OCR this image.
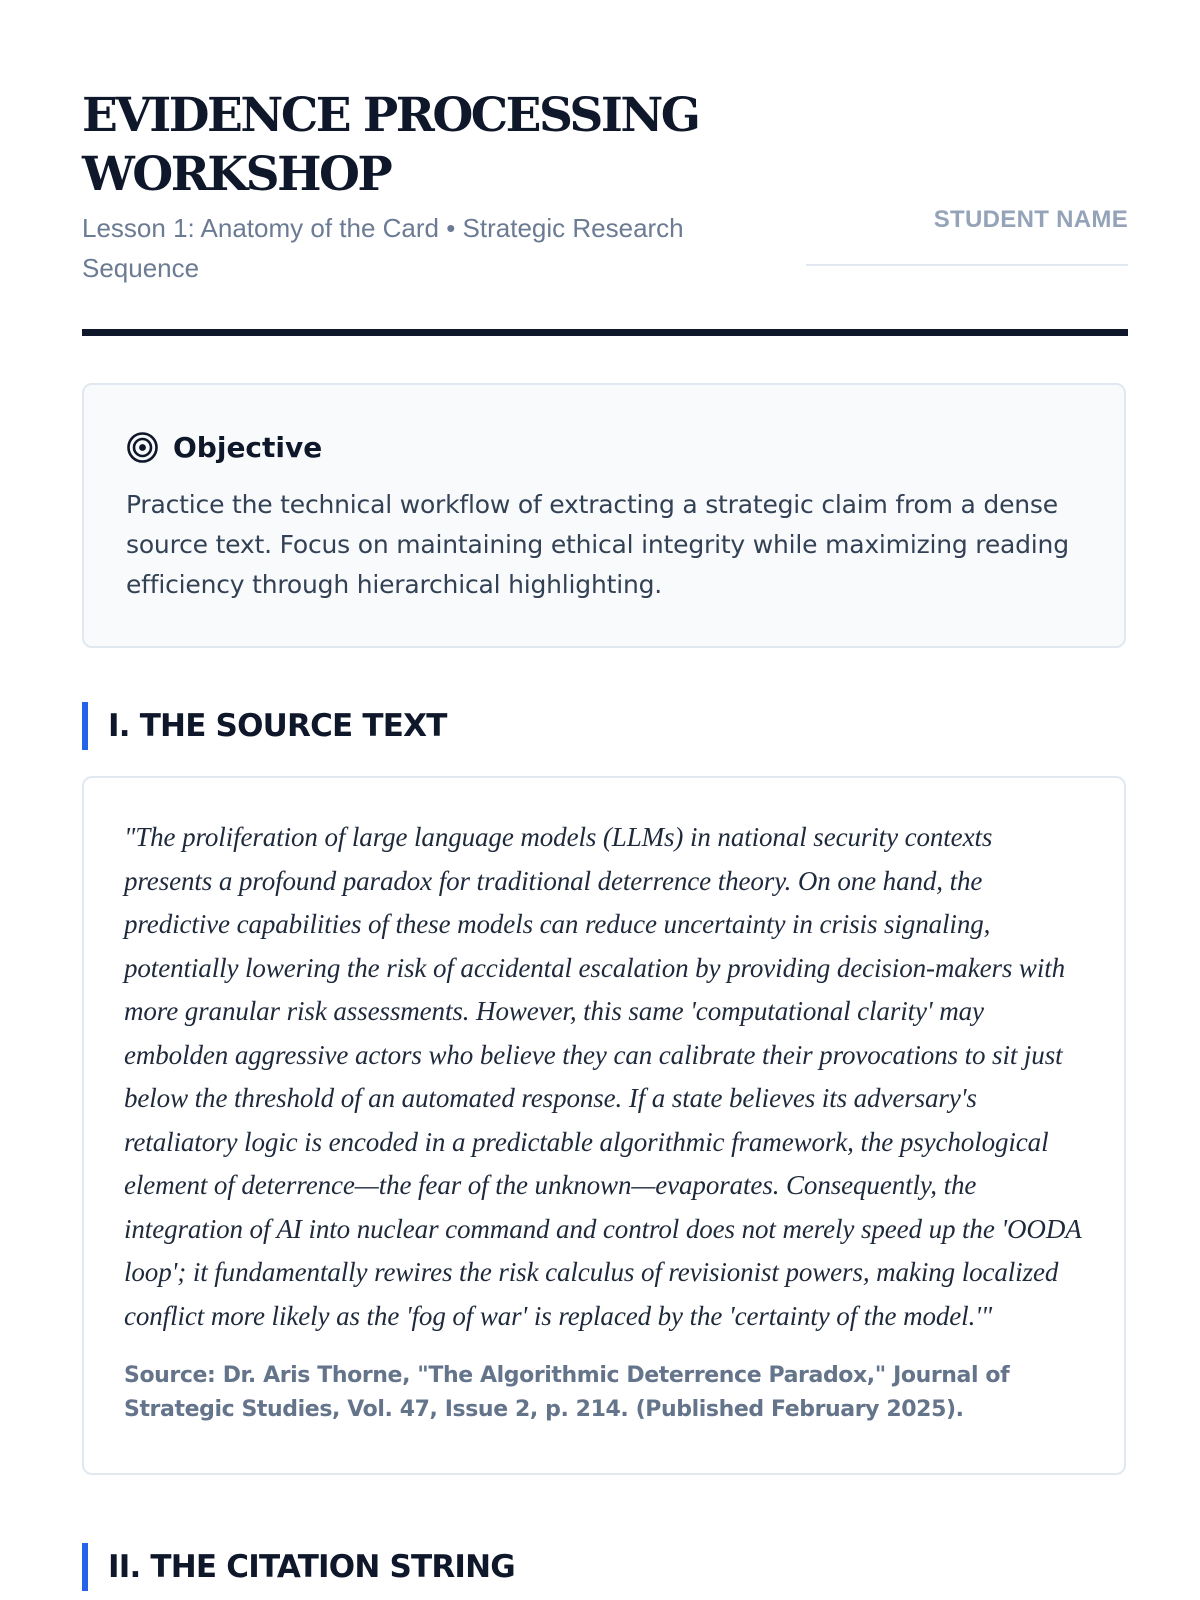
EVIDENCE PROCESSING WORKSHOP
Lesson 1: Anatomy of the Card • Strategic Research Sequence
STUDENT NAME
Objective

Practice the technical workflow of extracting a strategic claim from a dense source text. Focus on maintaining ethical integrity while maximizing reading efficiency through hierarchical highlighting.

I. THE SOURCE TEXT
"The proliferation of large language models (LLMs) in national security contexts presents a profound paradox for traditional deterrence theory. On one hand, the predictive capabilities of these models can reduce uncertainty in crisis signaling, potentially lowering the risk of accidental escalation by providing decision-makers with more granular risk assessments. However, this same 'computational clarity' may embolden aggressive actors who believe they can calibrate their provocations to sit just below the threshold of an automated response. If a state believes its adversary's retaliatory logic is encoded in a predictable algorithmic framework, the psychological element of deterrence—the fear of the unknown—evaporates. Consequently, the integration of AI into nuclear command and control does not merely speed up the 'OODA loop'; it fundamentally rewires the risk calculus of revisionist powers, making localized conflict more likely as the 'fog of war' is replaced by the 'certainty of the model.'"
Source: Dr. Aris Thorne, "The Algorithmic Deterrence Paradox," Journal of Strategic Studies, Vol. 47, Issue 2, p. 214. (Published February 2025).
II. THE CITATION STRING
